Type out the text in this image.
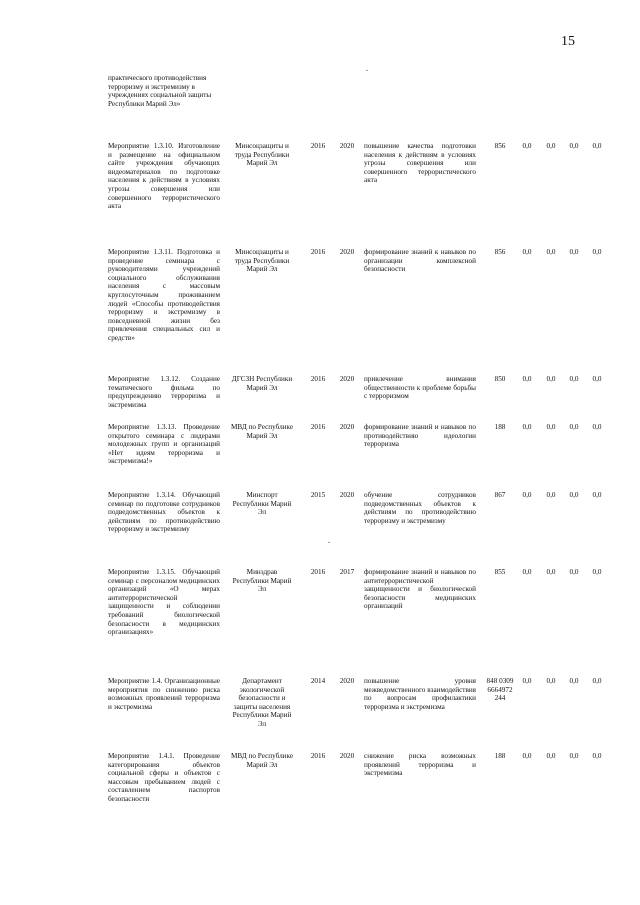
15
практического противодействия терроризму и экстремизму в учреждениях социальной защиты Республики Марий Эл»
Мероприятие 1.3.10. Изготовление и размещение на официальном сайте учреждения обучающих видеоматериалов по подготовке населения к действиям в условиях угрозы совершения или совершенного террористического акта
Минсоцзащиты и труда Республики Марий Эл
2016	2020	повышение качества подготовки населения к действиям в условиях угрозы совершения или совершенного террористического акта
856	0,0	0,0	0,0	0,0
Мероприятие 1.3.11. Подготовка и проведение семинара с руководителями учреждений социального обслуживания населения с массовым круглосуточным проживанием людей «Способы противодействия терроризму и экстремизму в повседневной жизни без привлечения специальных сил и средств»
Минсоцзащиты и труда Республики Марий Эл
2016	2020	формирование знаний к навыков по организации комплексной безопасности
856	0,0	0,0	0,0	0,0
Мероприятие 1.3.12. Создание тематического фильма по предупреждению терроризма и экстремизма
ДГСЗН Республики Марий Эл
2016	2020	привлечение внимания общественности к проблеме борьбы с терроризмом
850	0,0	0,0	0,0	0,0
Мероприятие 1.3.13. Проведение открытого семинара с лидерами молодежных групп и организаций «Нет идеям терроризма и экстремизма!»
МВД по Республике Марий Эл
2016	2020	формирование знаний и навыков по противодействию идеологии терроризма
188	0,0	0,0	0,0	0,0
Мероприятие 1.3.14. Обучающий семинар по подготовке сотрудников подведомственных объектов к действиям по противодействию терроризму и экстремизму
Минспорт Республики Марий Эл
2015	2020	обучение сотрудников подведомственных объектов к действиям по противодействию терроризму и экстремизму
867	0,0	0,0	0,0	0,0
Мероприятие 1.3.15. Обучающий семинар с персоналом медицинских организаций «О мерах антитеррористической защищенности и соблюдении требований биологической безопасности в медицинских организациях»
Минздрав Республики Марий Эл
2016	2017	формирование знаний и навыков по антитеррористической защищенности и биологической безопасности медицинских организаций
855	0,0	0,0	0,0	0,0
Мероприятие 1.4. Организационные мероприятия по снижению риска возможных проявлений терроризма и экстремизма
Департамент экологической безопасности и защиты населения Республики Марий Эл
2014	2020	повышение уровня межведомственного взаимодействия по вопросам профилактики терроризма и экстремизма
848 0309 6664972 244
0,0	0,0	0,0	0,0
Мероприятие 1.4.1. Проведение категорирования объектов социальной сферы и объектов с массовым пребыванием людей с составлением паспортов безопасности
МВД по Республике Марий Эл
2016	2020	снижение риска возможных проявлений терроризма и экстремизма
188	0,0	0,0	0,0	0,0
